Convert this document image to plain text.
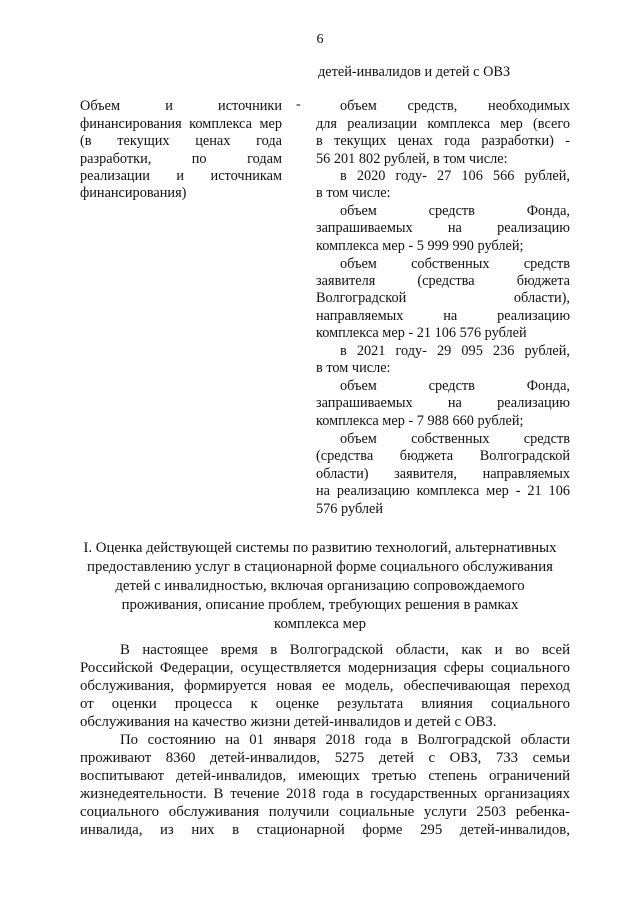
6
детей-инвалидов и детей с ОВЗ
Объем и источники
финансирования комплекса мер
(в текущих ценах года
разработки, по годам
реализации и источникам
финансирования)
-	объем средств, необходимых
для реализации комплекса мер (всего
в текущих ценах года разработки) -
56 201 802 рублей, в том числе:
в 2020 году- 27 106 566 рублей,
в том числе:
объем средств Фонда,
запрашиваемых на реализацию
комплекса мер - 5 999 990 рублей;
объем собственных средств
заявителя (средства бюджета
Волгоградской области),
направляемых на реализацию
комплекса мер - 21 106 576 рублей
в 2021 году- 29 095 236 рублей,
в том числе:
объем средств Фонда,
запрашиваемых на реализацию
комплекса мер - 7 988 660 рублей;
объем собственных средств
(средства бюджета Волгоградской
области) заявителя, направляемых
на реализацию комплекса мер - 21 106
576 рублей
I. Оценка действующей системы по развитию технологий, альтернативных
предоставлению услуг в стационарной форме социального обслуживания
детей с инвалидностью, включая организацию сопровождаемого
проживания, описание проблем, требующих решения в рамках
комплекса мер
В настоящее время в Волгоградской области, как и во всей
Российской Федерации, осуществляется модернизация сферы социального
обслуживания, формируется новая ее модель, обеспечивающая переход
от оценки процесса к оценке результата влияния социального
обслуживания на качество жизни детей-инвалидов и детей с ОВЗ.
По состоянию на 01 января 2018 года в Волгоградской области
проживают 8360 детей-инвалидов, 5275 детей с ОВЗ, 733 семьи
воспитывают детей-инвалидов, имеющих третью степень ограничений
жизнедеятельности. В течение 2018 года в государственных организациях
социального обслуживания получили социальные услуги 2503 ребенка-
инвалида, из них в стационарной форме 295 детей-инвалидов,
